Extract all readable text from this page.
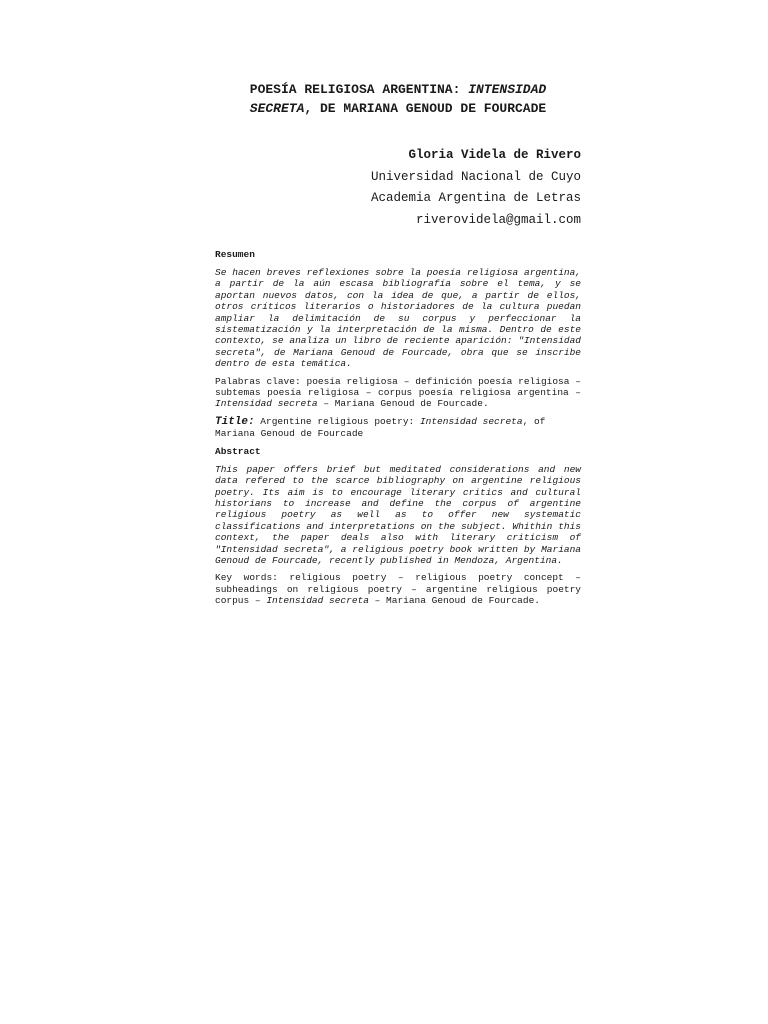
POESÍA RELIGIOSA ARGENTINA: INTENSIDAD SECRETA, DE MARIANA GENOUD DE FOURCADE
Gloria Videla de Rivero
Universidad Nacional de Cuyo
Academia Argentina de Letras
riverovidela@gmail.com
Resumen
Se hacen breves reflexiones sobre la poesía religiosa argentina, a partir de la aún escasa bibliografía sobre el tema, y se aportan nuevos datos, con la idea de que, a partir de ellos, otros críticos literarios o historiadores de la cultura puedan ampliar la delimitación de su corpus y perfeccionar la sistematización y la interpretación de la misma. Dentro de este contexto, se analiza un libro de reciente aparición: "Intensidad secreta", de Mariana Genoud de Fourcade, obra que se inscribe dentro de esta temática.
Palabras clave: poesía religiosa – definición poesía religiosa – subtemas poesía religiosa – corpus poesía religiosa argentina – Intensidad secreta – Mariana Genoud de Fourcade.
Title: Argentine religious poetry: Intensidad secreta, of Mariana Genoud de Fourcade
Abstract
This paper offers brief but meditated considerations and new data refered to the scarce bibliography on argentine religious poetry. Its aim is to encourage literary critics and cultural historians to increase and define the corpus of argentine religious poetry as well as to offer new systematic classifications and interpretations on the subject. Whithin this context, the paper deals also with literary criticism of "Intensidad secreta", a religious poetry book written by Mariana Genoud de Fourcade, recently published in Mendoza, Argentina.
Key words: religious poetry – religious poetry concept – subheadings on religious poetry – argentine religious poetry corpus – Intensidad secreta – Mariana Genoud de Fourcade.
